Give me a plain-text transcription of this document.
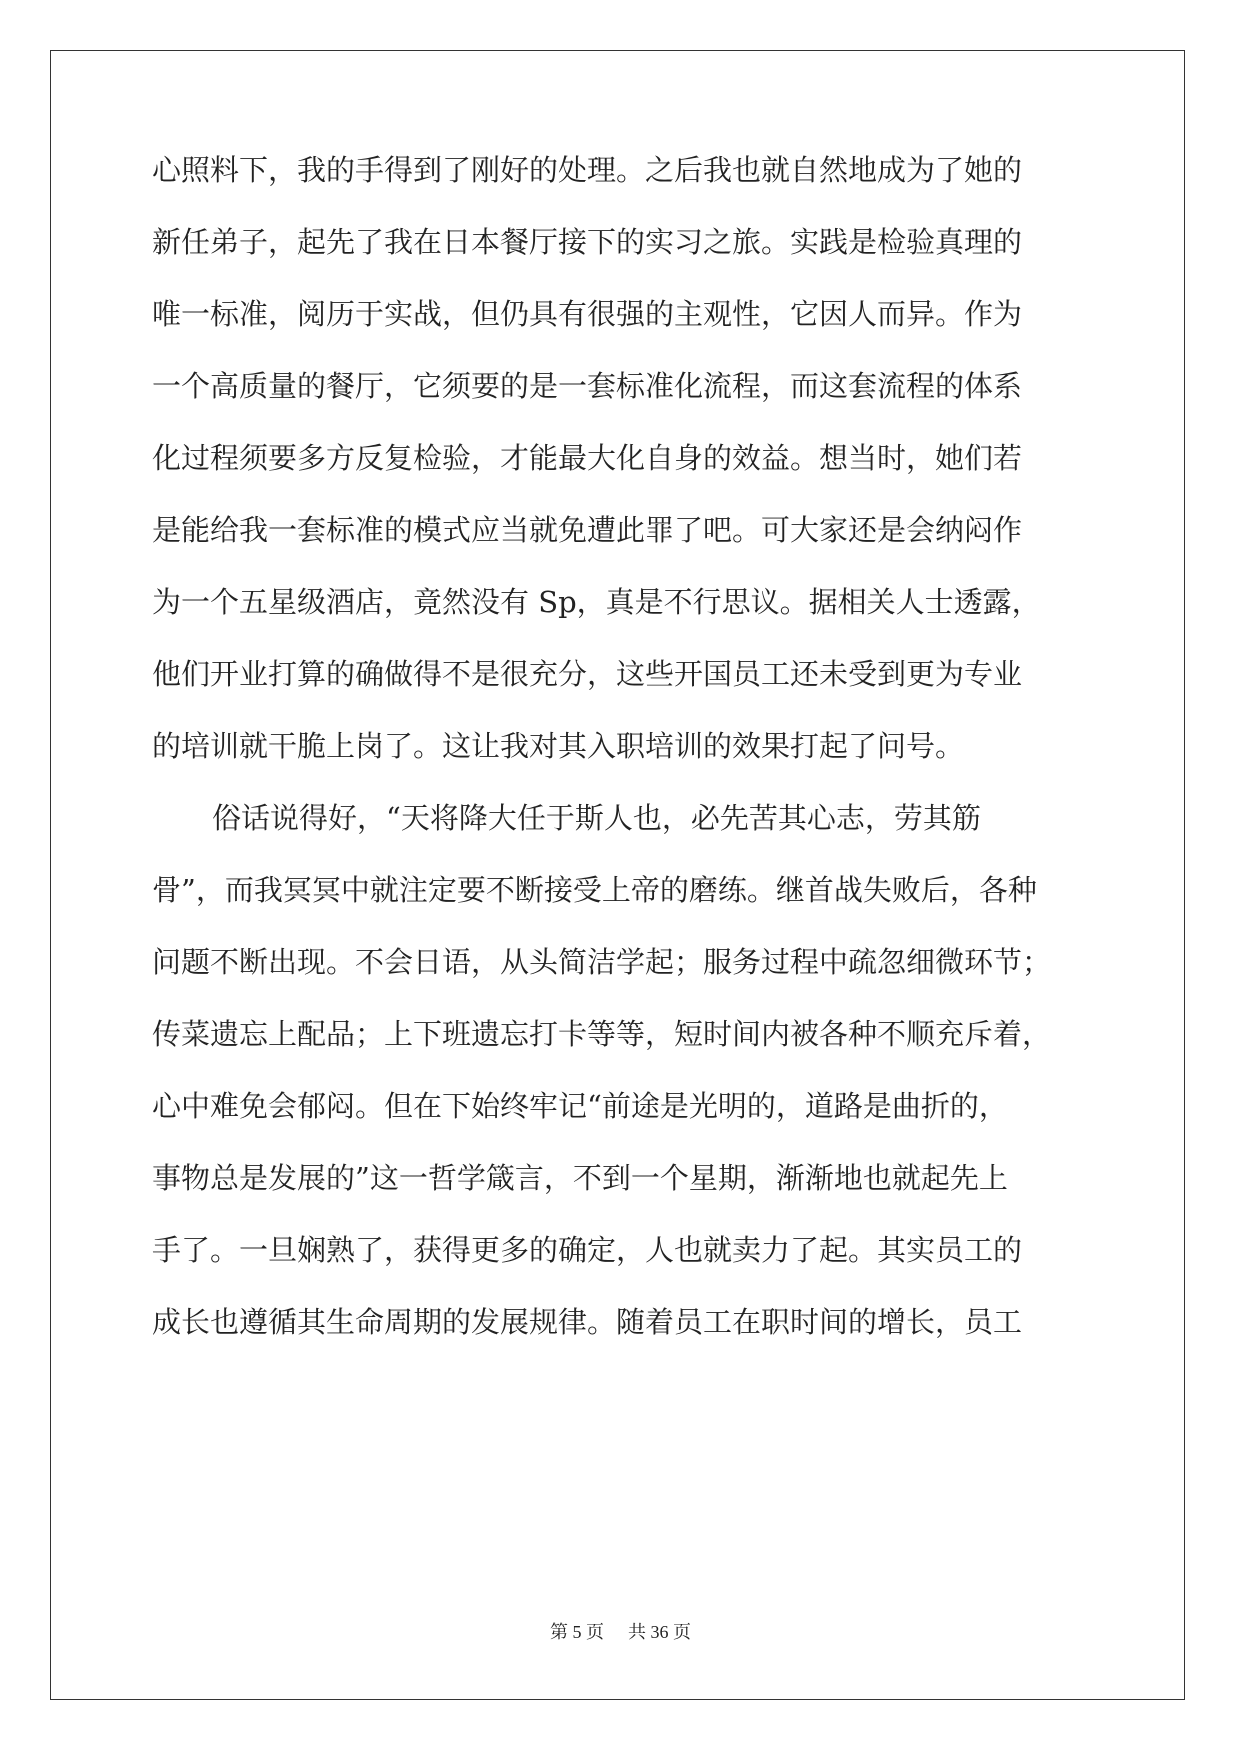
心照料下，我的手得到了刚好的处理。之后我也就自然地成为了她的

新任弟子，起先了我在日本餐厅接下的实习之旅。实践是检验真理的

唯一标准，阅历于实战，但仍具有很强的主观性，它因人而异。作为

一个高质量的餐厅，它须要的是一套标准化流程，而这套流程的体系

化过程须要多方反复检验，才能最大化自身的效益。想当时，她们若

是能给我一套标准的模式应当就免遭此罪了吧。可大家还是会纳闷作

为一个五星级酒店，竟然没有 Sp，真是不行思议。据相关人士透露，

他们开业打算的确做得不是很充分，这些开国员工还未受到更为专业

的培训就干脆上岗了。这让我对其入职培训的效果打起了问号。

俗话说得好，“天将降大任于斯人也，必先苦其心志，劳其筋

骨”，而我冥冥中就注定要不断接受上帝的磨练。继首战失败后，各种

问题不断出现。不会日语，从头简洁学起；服务过程中疏忽细微环节；

传菜遗忘上配品；上下班遗忘打卡等等，短时间内被各种不顺充斥着，

心中难免会郁闷。但在下始终牢记“前途是光明的，道路是曲折的，

事物总是发展的”这一哲学箴言，不到一个星期，渐渐地也就起先上

手了。一旦娴熟了，获得更多的确定，人也就卖力了起。其实员工的

成长也遵循其生命周期的发展规律。随着员工在职时间的增长，员工

第 5 页 共 36 页
